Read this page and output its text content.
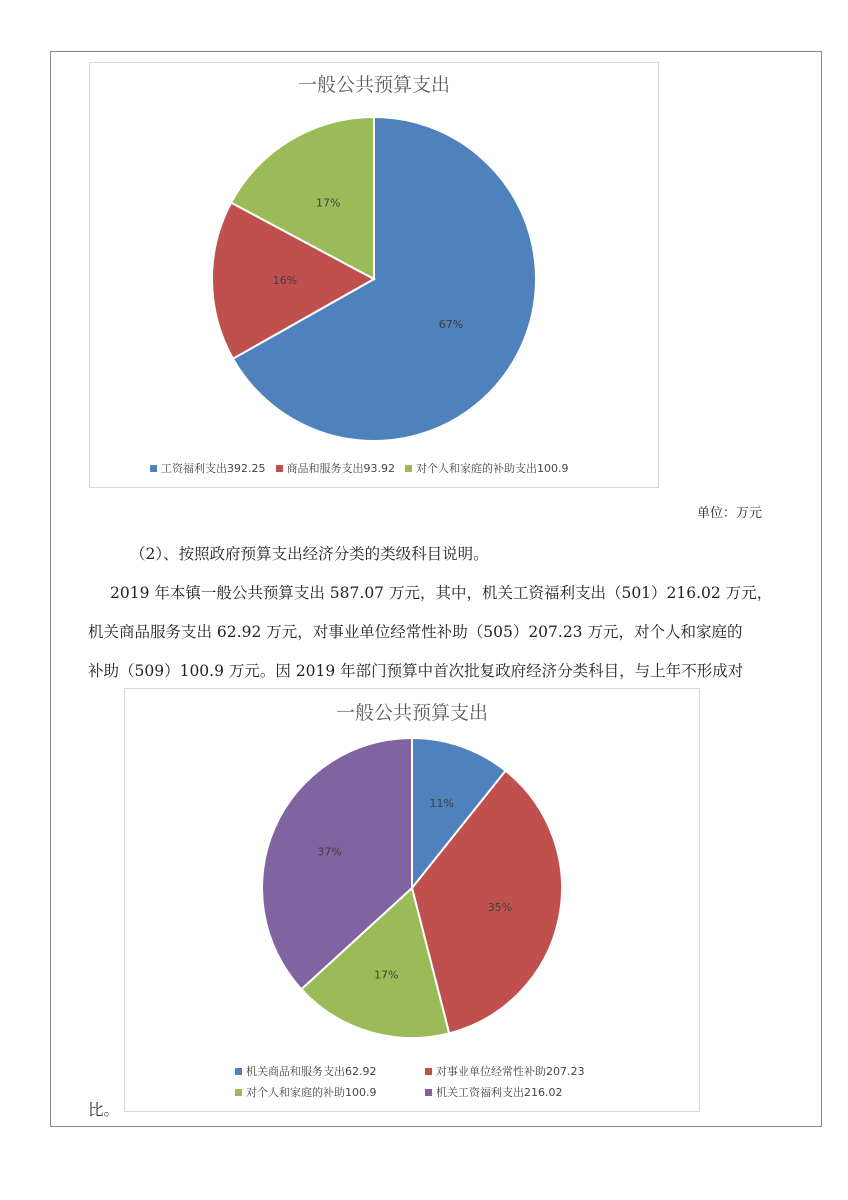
一般公共预算支出
67%
16%
17%
工资福利支出392.25 商品和服务支出93.92 对个人和家庭的补助支出100.9
单位：万元
（2）、按照政府预算支出经济分类的类级科目说明。
2019 年本镇一般公共预算支出 587.07 万元，其中，机关工资福利支出（501）216.02 万元，
机关商品服务支出 62.92 万元，对事业单位经常性补助（505）207.23 万元，对个人和家庭的
补助（509）100.9 万元。因 2019 年部门预算中首次批复政府经济分类科目，与上年不形成对
一般公共预算支出
11%
35%
17%
37%
机关商品和服务支出62.92	对事业单位经常性补助207.23
对个人和家庭的补助100.9	机关工资福利支出216.02
比。
